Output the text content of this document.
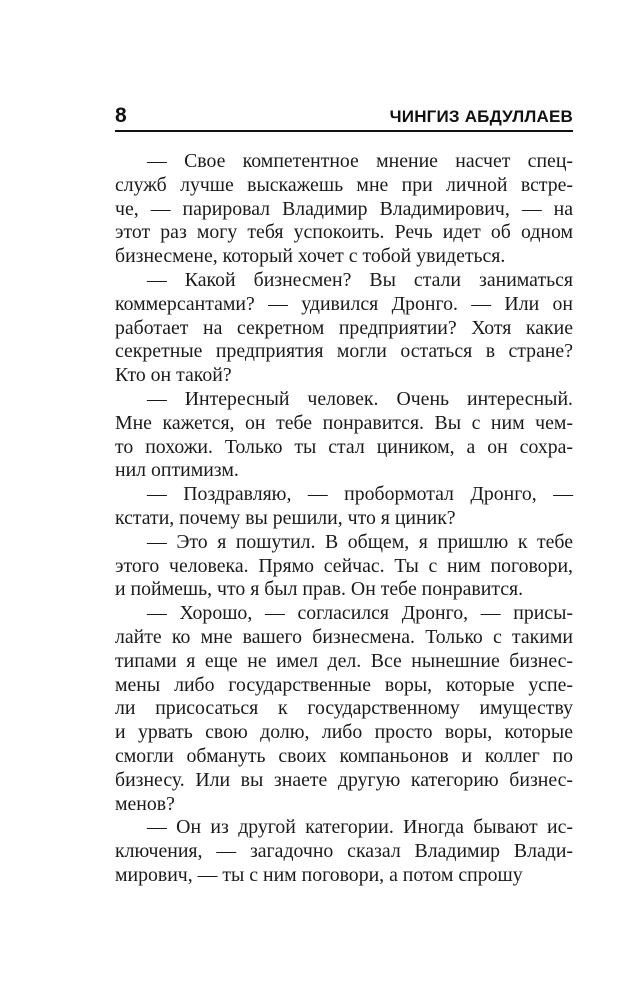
8	ЧИНГИЗ АБДУЛЛАЕВ
— Свое компетентное мнение насчет спец-
служб лучше выскажешь мне при личной встре-
че, — парировал Владимир Владимирович, — на
этот раз могу тебя успокоить. Речь идет об одном
бизнесмене, который хочет с тобой увидеться.
— Какой бизнесмен? Вы стали заниматься
коммерсантами? — удивился Дронго. — Или он
работает на секретном предприятии? Хотя какие
секретные предприятия могли остаться в стране?
Кто он такой?
— Интересный человек. Очень интересный.
Мне кажется, он тебе понравится. Вы с ним чем-
то похожи. Только ты стал циником, а он сохра-
нил оптимизм.
— Поздравляю, — пробормотал Дронго, —
кстати, почему вы решили, что я циник?
— Это я пошутил. В общем, я пришлю к тебе
этого человека. Прямо сейчас. Ты с ним поговори,
и поймешь, что я был прав. Он тебе понравится.
— Хорошо, — согласился Дронго, — присы-
лайте ко мне вашего бизнесмена. Только с такими
типами я еще не имел дел. Все нынешние бизнес-
мены либо государственные воры, которые успе-
ли присосаться к государственному имуществу
и урвать свою долю, либо просто воры, которые
смогли обмануть своих компаньонов и коллег по
бизнесу. Или вы знаете другую категорию бизнес-
менов?
— Он из другой категории. Иногда бывают ис-
ключения, — загадочно сказал Владимир Влади-
мирович, — ты с ним поговори, а потом спрошу
